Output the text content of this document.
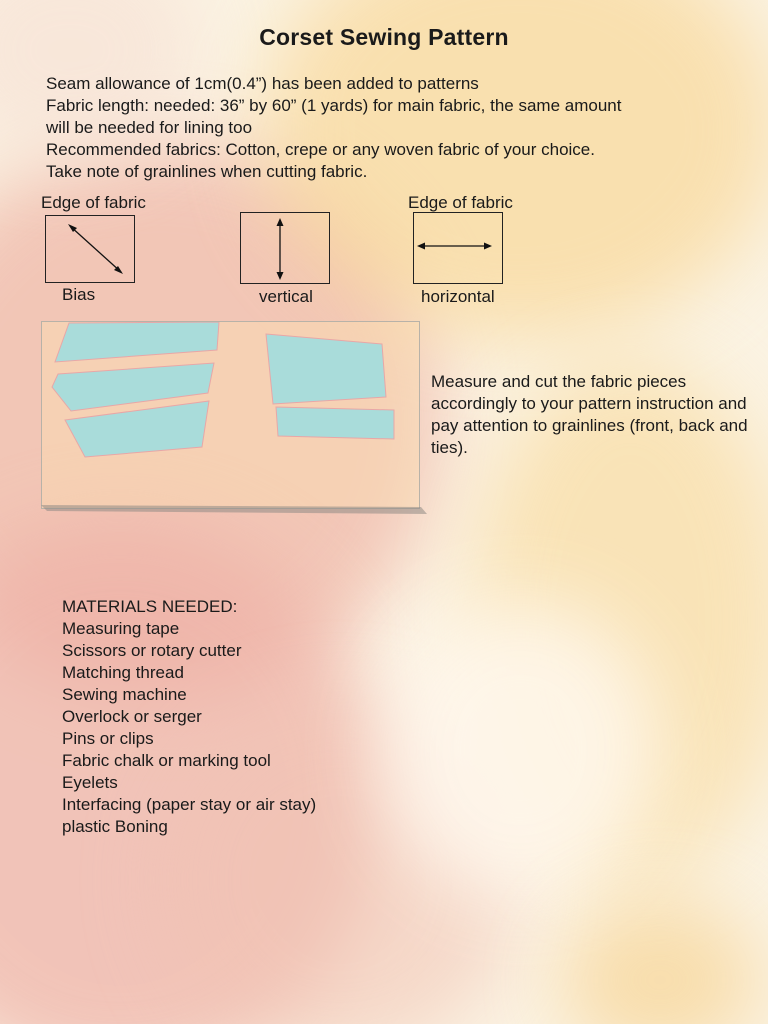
Corset Sewing Pattern
Seam allowance of 1cm(0.4”) has been added to patterns
Fabric length: needed: 36” by 60” (1 yards) for main fabric, the same amount
will be needed for lining too
Recommended fabrics: Cotton, crepe or any woven fabric of your choice.
Take note of grainlines when cutting fabric.
Edge of fabric	Edge of fabric
Bias	vertical	horizontal
Measure and cut the fabric pieces accordingly to your pattern instruction and pay attention to grainlines (front, back and ties).
MATERIALS NEEDED:
Measuring tape
Scissors or rotary cutter
Matching thread
Sewing machine
Overlock or serger
Pins or clips
Fabric chalk or marking tool
Eyelets
Interfacing (paper stay or air stay)
plastic Boning
